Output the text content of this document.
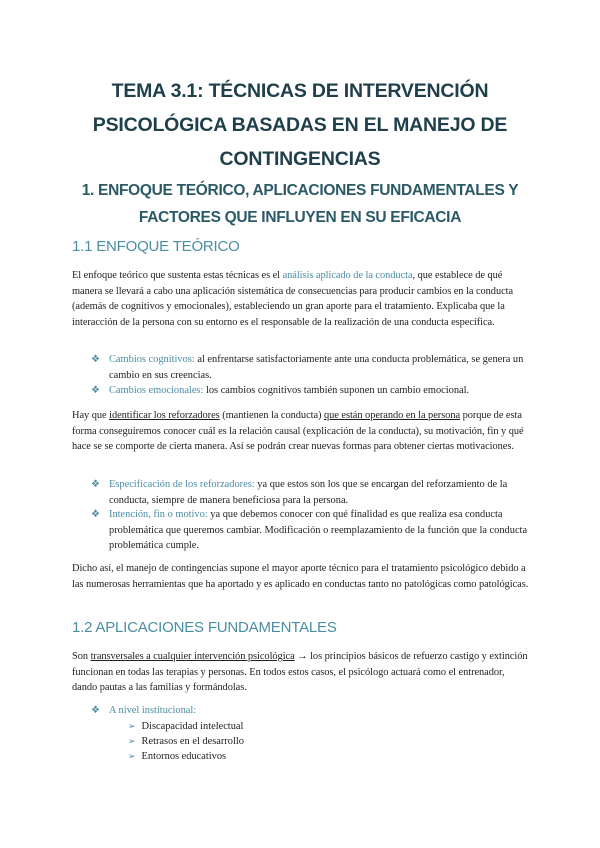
TEMA 3.1: TÉCNICAS DE INTERVENCIÓN
PSICOLÓGICA BASADAS EN EL MANEJO DE
CONTINGENCIAS
1. ENFOQUE TEÓRICO, APLICACIONES FUNDAMENTALES Y
FACTORES QUE INFLUYEN EN SU EFICACIA
1.1 ENFOQUE TEÓRICO
El enfoque teórico que sustenta estas técnicas es el análisis aplicado de la conducta, que establece de qué manera se llevará a cabo una aplicación sistemática de consecuencias para producir cambios en la conducta (además de cognitivos y emocionales), estableciendo un gran aporte para el tratamiento. Explicaba que la interacción de la persona con su entorno es el responsable de la realización de una conducta específica.
❖ Cambios cognitivos: al enfrentarse satisfactoriamente ante una conducta problemática, se genera un cambio en sus creencias.
❖ Cambios emocionales: los cambios cognitivos también suponen un cambio emocional.
Hay que identificar los reforzadores (mantienen la conducta) que están operando en la persona porque de esta forma conseguiremos conocer cuál es la relación causal (explicación de la conducta), su motivación, fin y qué hace se se comporte de cierta manera. Así se podrán crear nuevas formas para obtener ciertas motivaciones.
❖ Especificación de los reforzadores: ya que estos son los que se encargan del reforzamiento de la conducta, siempre de manera beneficiosa para la persona.
❖ Intención, fin o motivo: ya que debemos conocer con qué finalidad es que realiza esa conducta problemática que queremos cambiar. Modificación o reemplazamiento de la función que la conducta problemática cumple.
Dicho así, el manejo de contingencias supone el mayor aporte técnico para el tratamiento psicológico debido a las numerosas herramientas que ha aportado y es aplicado en conductas tanto no patológicas como patológicas.
1.2 APLICACIONES FUNDAMENTALES
Son transversales a cualquier intervención psicológica → los principios básicos de refuerzo castigo y extinción funcionan en todas las terapias y personas. En todos estos casos, el psicólogo actuará como el entrenador, dando pautas a las familias y formándolas.
❖ A nivel institucional:
➢ Discapacidad intelectual
➢ Retrasos en el desarrollo
➢ Entornos educativos
